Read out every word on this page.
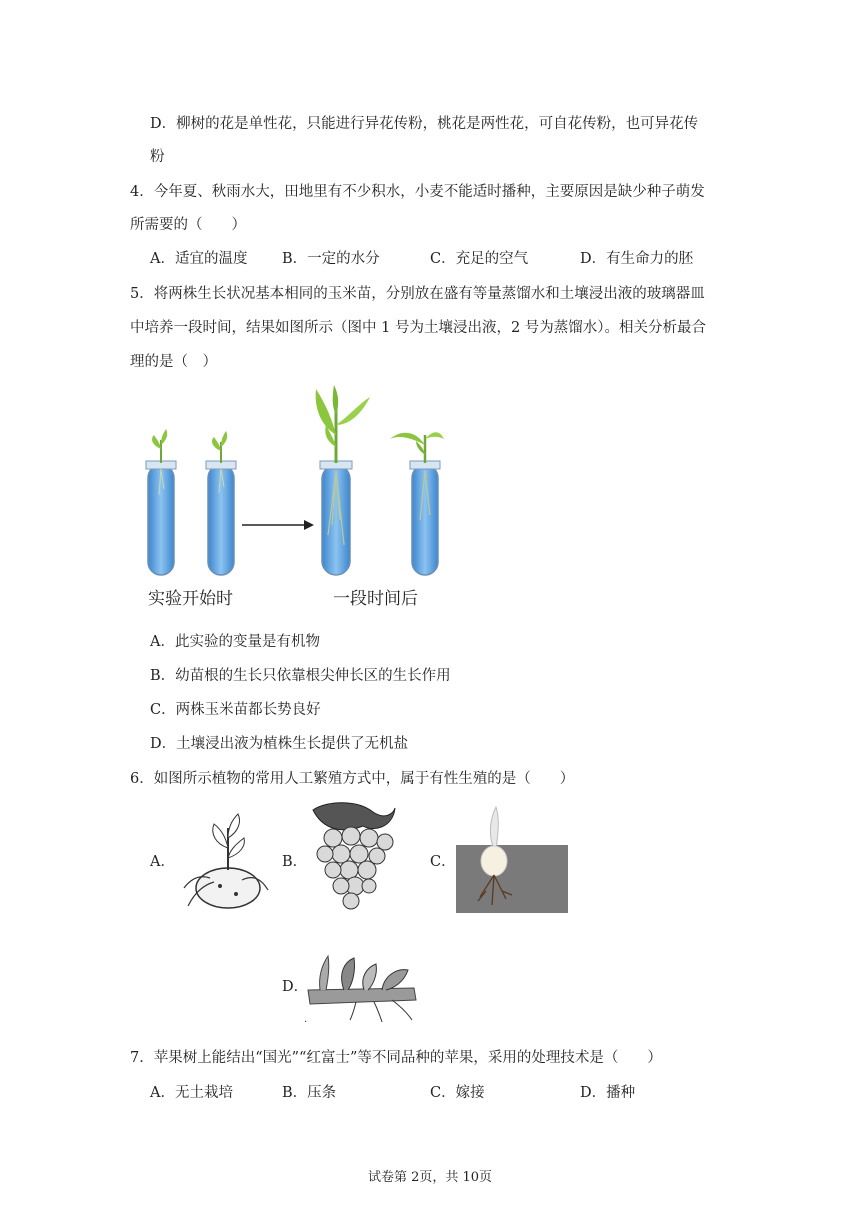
D．柳树的花是单性花，只能进行异花传粉，桃花是两性花，可自花传粉，也可异花传
粉
4．今年夏、秋雨水大，田地里有不少积水，小麦不能适时播种，主要原因是缺少种子萌发
所需要的（　　）
A．适宜的温度 B．一定的水分	C．充足的空气	D．有生命力的胚
5．将两株生长状况基本相同的玉米苗，分别放在盛有等量蒸馏水和土壤浸出液的玻璃器皿
中培养一段时间，结果如图所示（图中 1 号为土壤浸出液，2 号为蒸馏水）。相关分析最合
理的是（　）
实验开始时	一段时间后
A．此实验的变量是有机物
B．幼苗根的生长只依靠根尖伸长区的生长作用
C．两株玉米苗都长势良好
D．土壤浸出液为植株生长提供了无机盐
6．如图所示植物的常用人工繁殖方式中，属于有性生殖的是（　　）
A．	B．	C．
D．
.
7．苹果树上能结出“国光”“红富士”等不同品种的苹果，采用的处理技术是（　　）
A．无土栽培	B．压条	C．嫁接	D．播种
试卷第 2页，共 10页
